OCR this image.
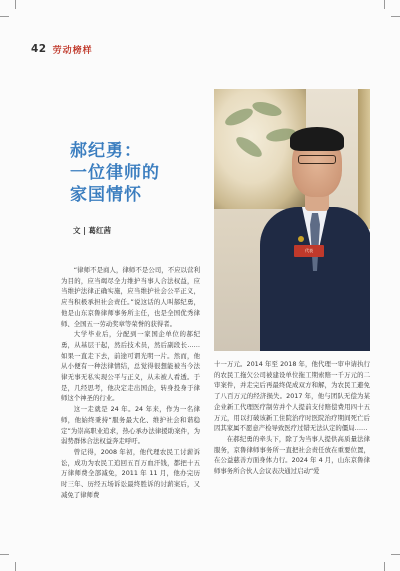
42 劳动榜样
郝纪勇：
一位律师的
家国情怀
文 | 葛红茜
代表

“律师不是商人，律师不是公司，不应以营利为目的，应当竭尽全力维护当事人合法权益，应当维护法律正确实施，应当维护社会公平正义，应当积极承担社会责任。”说这话的人叫郝纪勇，他是山东京鲁律师事务所主任，也是全国优秀律师、全国五一劳动奖章等荣誉的获得者。

大学毕业后，分配到一家国企单位的郝纪勇，从基层干起，然后技术员，然后副段长……如果一直走下去，前途可谓光明一片。然而，他从小便有一种法律情结，总觉得很想能被当今法律无事无私实现公平与正义，从未被人看透。于是，几经思考，他决定走出国企，转身投身于律师这个神圣的行业。

这一走就是 24 年。24 年来，作为一名律师，他始终秉持“服务最大化、维护社会和谐稳定”为崇高职业追求，热心承办法律援助案件，为弱势群体合法权益奔走呼吁。

曾记得，2008 年初，他代理农民工讨薪诉讼，成功为农民工追回五百万血汗钱，都把十五万律师费全部减免，2011 年 11 月，他办完历时三年、历经五场诉讼最终胜诉的讨薪案后，又减免了律师费

十一万元。2014 年至 2018 年，他代理一审申请执行的农民工拖欠公司被建设单位拖工期索赔一千万元的二审案件，并走完后再最终促成双方和解，为农民工避免了八百万元的经济损失。2017 年，他与团队无偿为某企业新工代理医疗制劳并个人提前支付赔偿费用四十五万元，用以打破该新工住院治疗时医院治疗期间死亡后因其家属不愿意产检导致医疗过错无法认定的僵局……

在郝纪勇的牵头下，除了为当事人提供高质量法律服务，京鲁律师事务所一直把社会责任放在重要位置，在公益慈善方面身体力行。2024 年 4 月，山东京鲁律师事务所合伙人会议表决通过启动“爱
